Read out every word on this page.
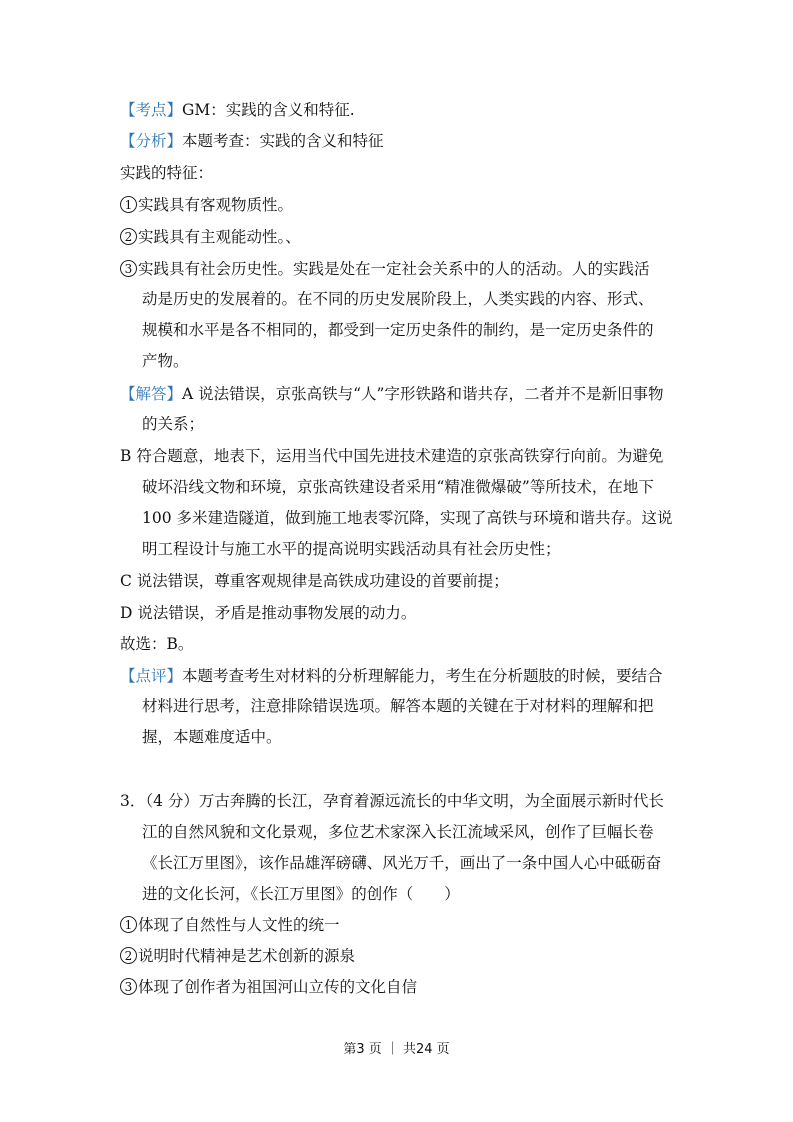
【考点】GM：实践的含义和特征.
【分析】本题考查：实践的含义和特征
实践的特征：
1 实践具有客观物质性。
2 实践具有主观能动性。、
3 实践具有社会历史性。实践是处在一定社会关系中的人的活动。人的实践活
动是历史的发展着的。在不同的历史发展阶段上，人类实践的内容、形式、
规模和水平是各不相同的，都受到一定历史条件的制约，是一定历史条件的
产物。
【解答】A 说法错误，京张高铁与“人”字形铁路和谐共存，二者并不是新旧事物
的关系；
B 符合题意，地表下，运用当代中国先进技术建造的京张高铁穿行向前。为避免
破坏沿线文物和环境，京张高铁建设者采用“精准微爆破”等所技术，在地下
100 多米建造隧道，做到施工地表零沉降，实现了高铁与环境和谐共存。这说
明工程设计与施工水平的提高说明实践活动具有社会历史性；
C 说法错误，尊重客观规律是高铁成功建设的首要前提；
D 说法错误，矛盾是推动事物发展的动力。
故选：B。
【点评】本题考查考生对材料的分析理解能力，考生在分析题肢的时候，要结合
材料进行思考，注意排除错误选项。解答本题的关键在于对材料的理解和把
握，本题难度适中。
3．（4 分）万古奔腾的长江，孕育着源远流长的中华文明，为全面展示新时代长
江的自然风貌和文化景观，多位艺术家深入长江流域采风，创作了巨幅长卷
《长江万里图》，该作品雄浑磅礴、风光万千，画出了一条中国人心中砥砺奋
进的文化长河，《长江万里图》的创作（　　）
1 体现了自然性与人文性的统一
2 说明时代精神是艺术创新的源泉
3 体现了创作者为祖国河山立传的文化自信
第3 页 ｜ 共24 页
